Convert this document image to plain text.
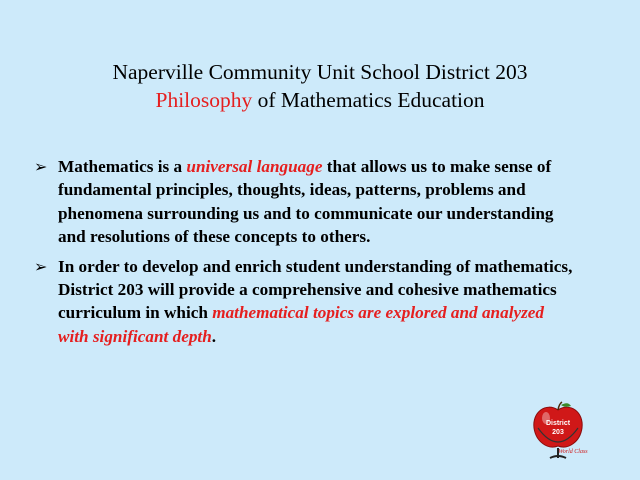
Naperville Community Unit School District 203
Philosophy of Mathematics Education
➢ Mathematics is a universal language that allows us to make sense of fundamental principles, thoughts, ideas, patterns, problems and phenomena surrounding us and to communicate our understanding and resolutions of these concepts to others.
➢ In order to develop and enrich student understanding of mathematics, District 203 will provide a comprehensive and cohesive mathematics curriculum in which mathematical topics are explored and analyzed with significant depth.
District
203
World Class
